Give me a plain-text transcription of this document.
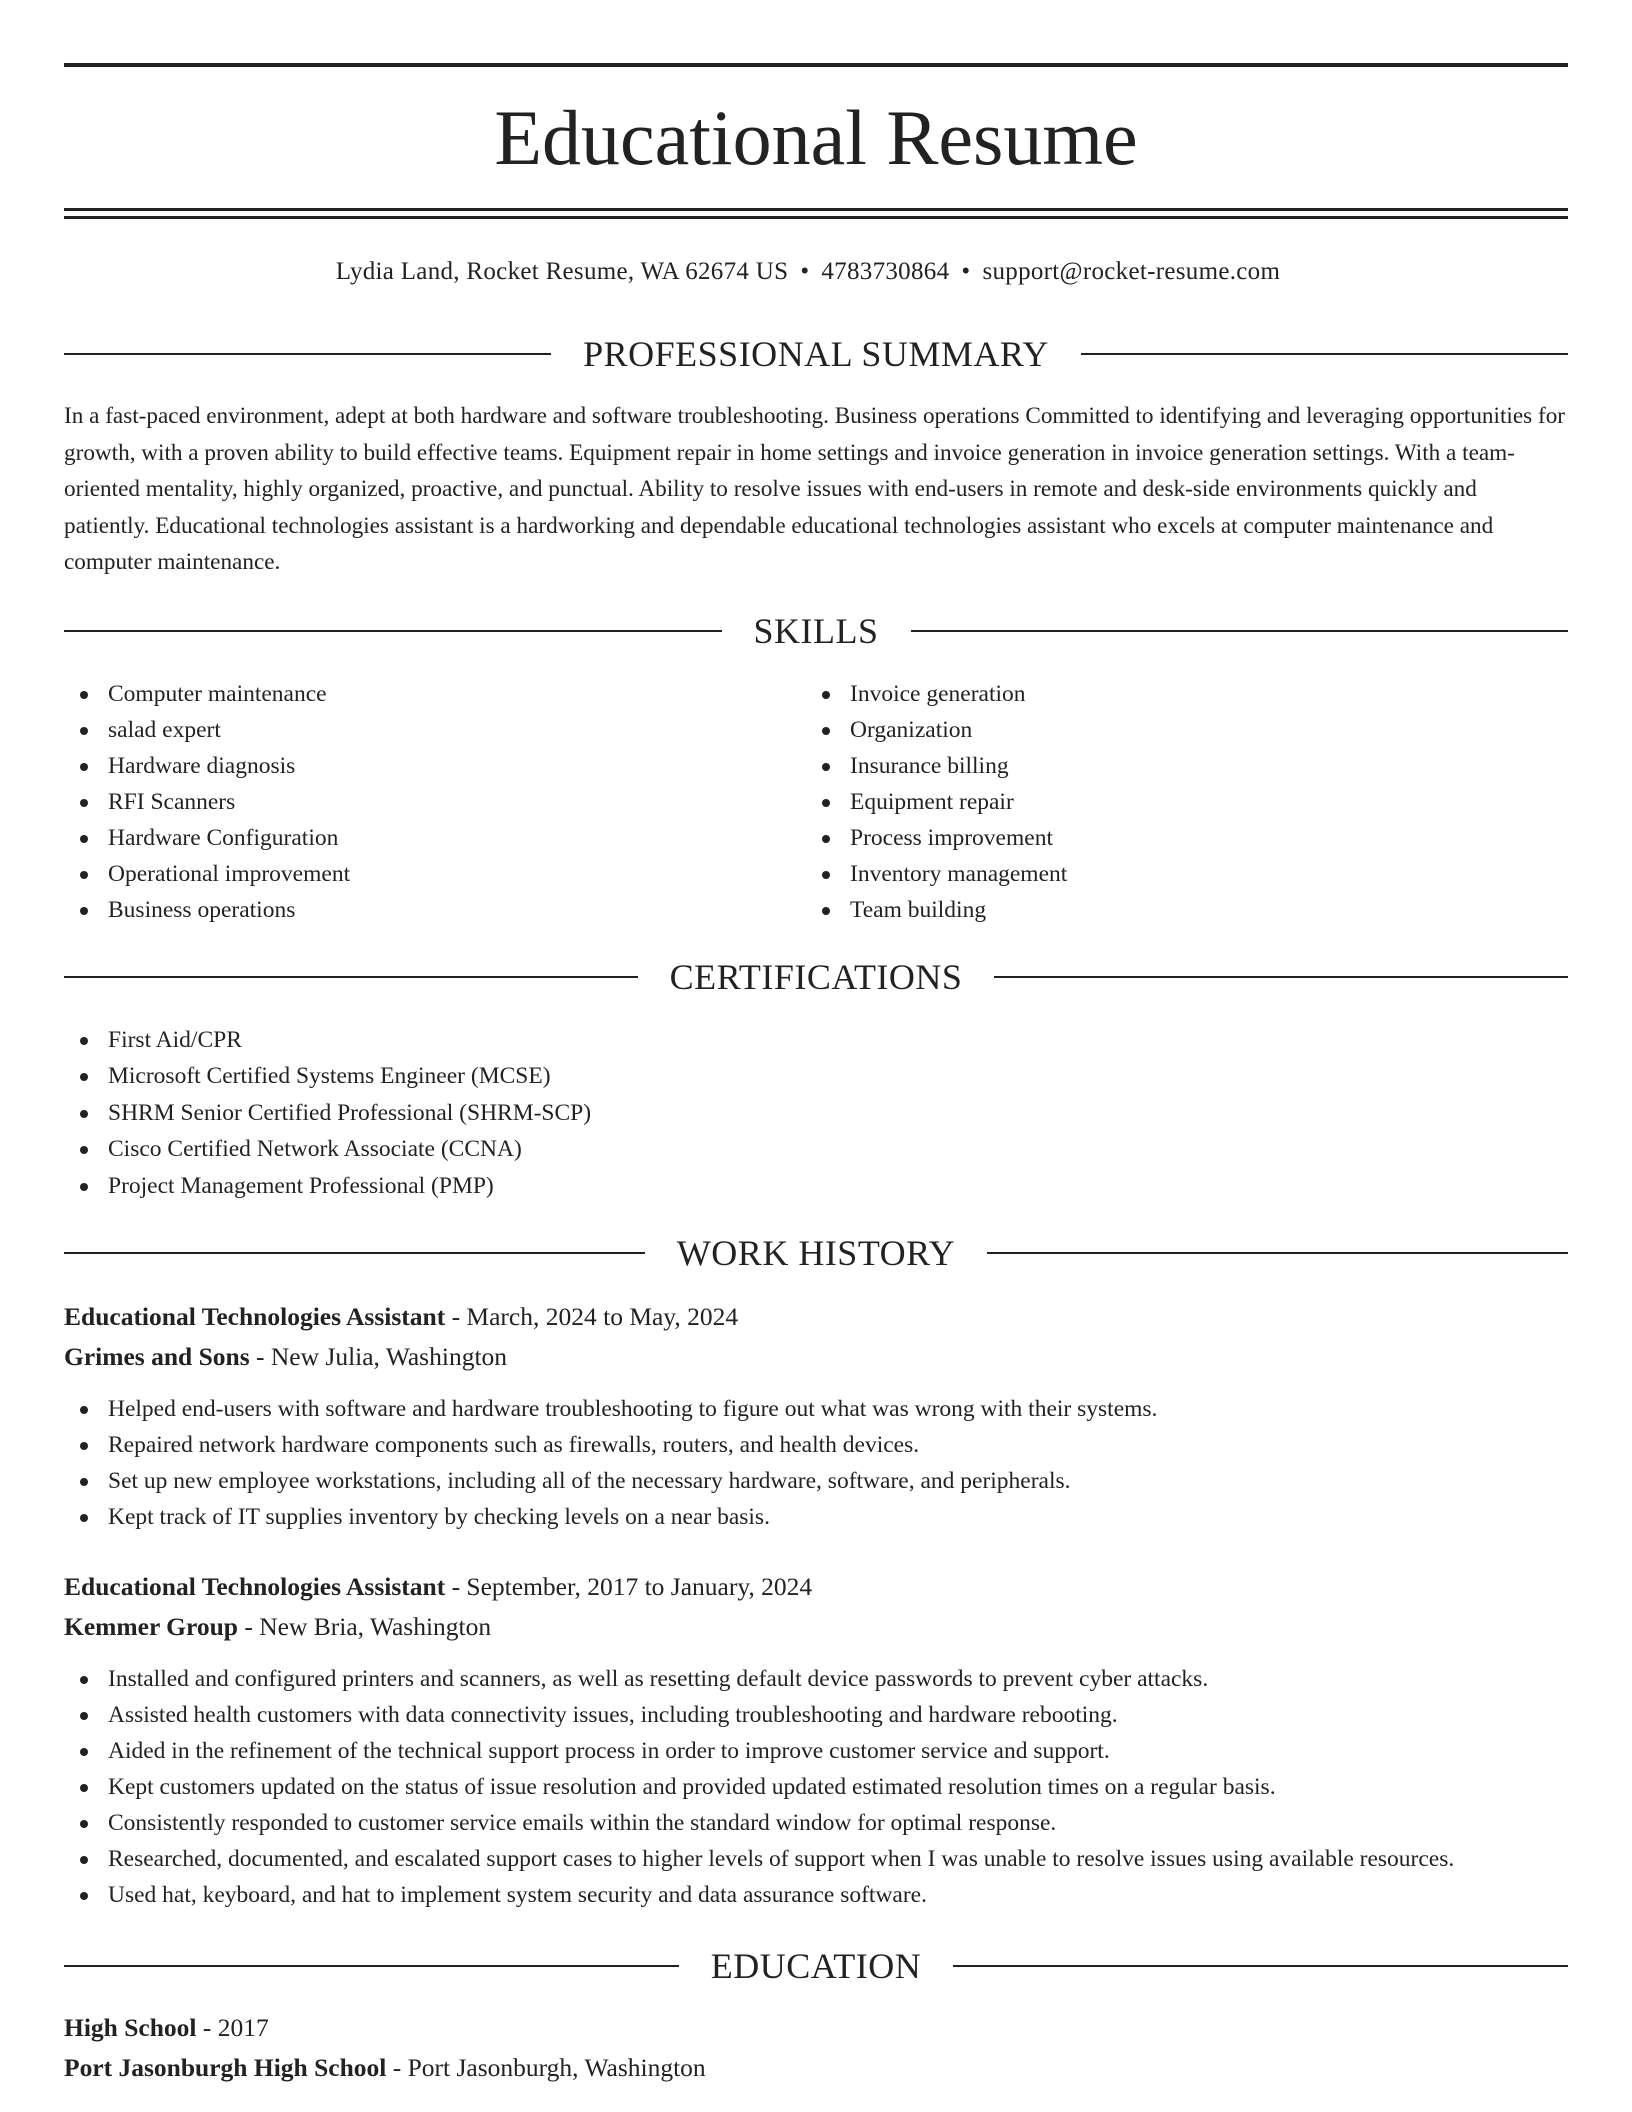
Educational Resume
Lydia Land, Rocket Resume, WA 62674 US • 4783730864 • support@rocket-resume.com
PROFESSIONAL SUMMARY

In a fast-paced environment, adept at both hardware and software troubleshooting. Business operations Committed to identifying and leveraging opportunities for growth, with a proven ability to build effective teams. Equipment repair in home settings and invoice generation in invoice generation settings. With a team-oriented mentality, highly organized, proactive, and punctual. Ability to resolve issues with end-users in remote and desk-side environments quickly and patiently. Educational technologies assistant is a hardworking and dependable educational technologies assistant who excels at computer maintenance and computer maintenance.

SKILLS
Computer maintenance
salad expert
Hardware diagnosis
RFI Scanners
Hardware Configuration
Operational improvement
Business operations
Invoice generation
Organization
Insurance billing
Equipment repair
Process improvement
Inventory management
Team building
CERTIFICATIONS
First Aid/CPR
Microsoft Certified Systems Engineer (MCSE)
SHRM Senior Certified Professional (SHRM-SCP)
Cisco Certified Network Associate (CCNA)
Project Management Professional (PMP)
WORK HISTORY
Educational Technologies Assistant - March, 2024 to May, 2024
Grimes and Sons - New Julia, Washington
Helped end-users with software and hardware troubleshooting to figure out what was wrong with their systems.
Repaired network hardware components such as firewalls, routers, and health devices.
Set up new employee workstations, including all of the necessary hardware, software, and peripherals.
Kept track of IT supplies inventory by checking levels on a near basis.
Educational Technologies Assistant - September, 2017 to January, 2024
Kemmer Group - New Bria, Washington
Installed and configured printers and scanners, as well as resetting default device passwords to prevent cyber attacks.
Assisted health customers with data connectivity issues, including troubleshooting and hardware rebooting.
Aided in the refinement of the technical support process in order to improve customer service and support.
Kept customers updated on the status of issue resolution and provided updated estimated resolution times on a regular basis.
Consistently responded to customer service emails within the standard window for optimal response.
Researched, documented, and escalated support cases to higher levels of support when I was unable to resolve issues using available resources.
Used hat, keyboard, and hat to implement system security and data assurance software.
EDUCATION
High School - 2017
Port Jasonburgh High School - Port Jasonburgh, Washington
